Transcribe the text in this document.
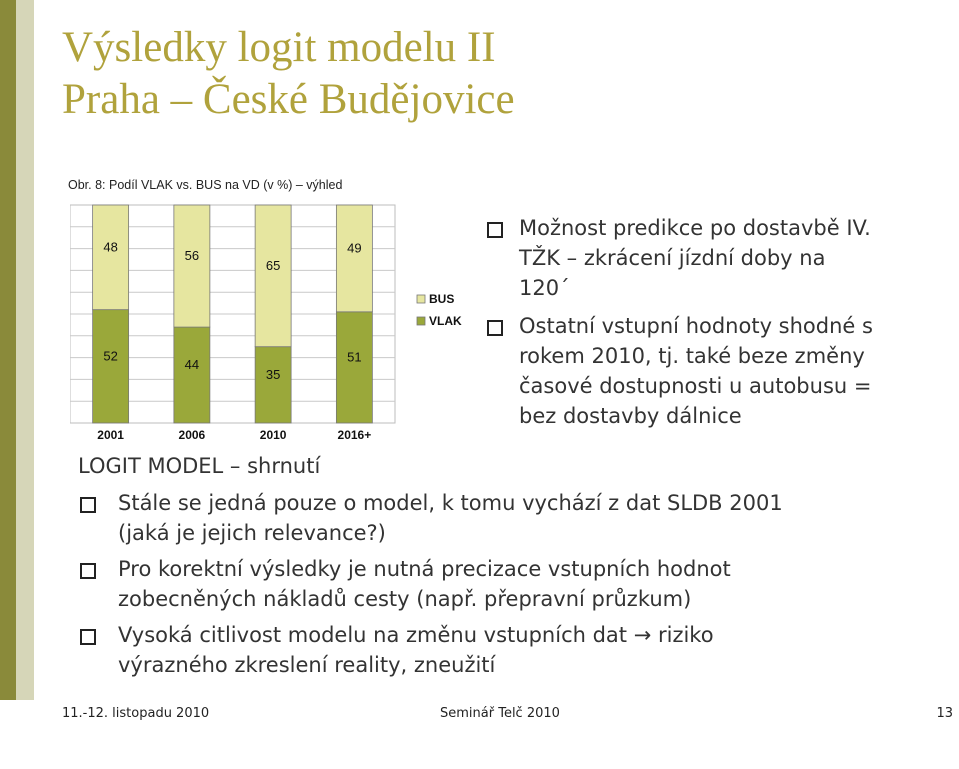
Výsledky logit modelu II
Praha – České Budějovice
Obr. 8: Podíl VLAK vs. BUS na VD (v %) – výhled
52
48
2001
44
56
2006
35
65
2010
51
49
2016+
BUS
VLAK
Možnost predikce po dostavbě IV.
TŽK – zkrácení jízdní doby na
120´
Ostatní vstupní hodnoty shodné s
rokem 2010, tj. také beze změny
časové dostupnosti u autobusu =
bez dostavby dálnice
LOGIT MODEL – shrnutí
Stále se jedná pouze o model, k tomu vychází z dat SLDB 2001
(jaká je jejich relevance?)
Pro korektní výsledky je nutná precizace vstupních hodnot
zobecněných nákladů cesty (např. přepravní průzkum)
Vysoká citlivost modelu na změnu vstupních dat → riziko
výrazného zkreslení reality, zneužití
11.-12. listopadu 2010	Seminář Telč 2010	13
